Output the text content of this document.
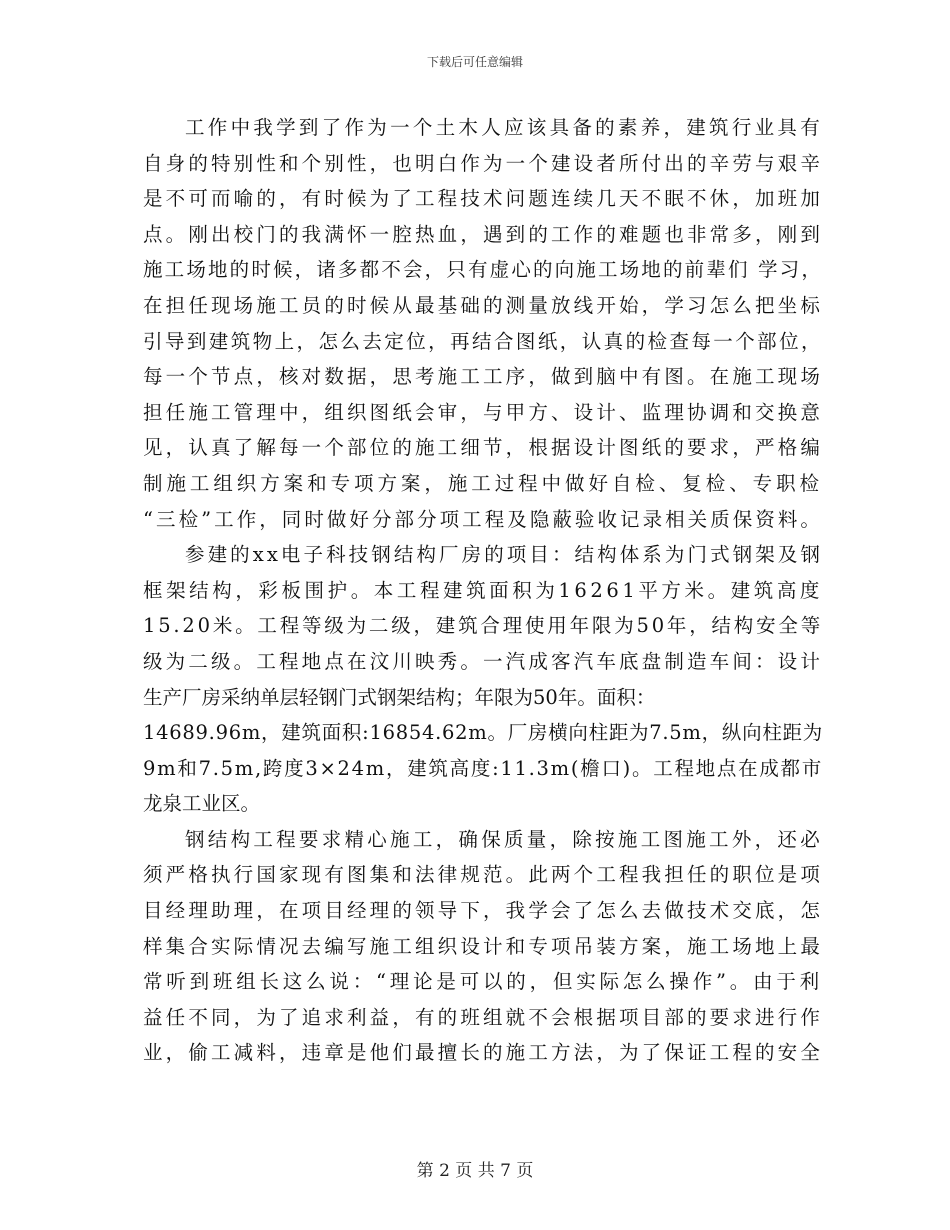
下载后可任意编辑
工作中我学到了作为一个土木人应该具备的素养，建筑行业具有
自身的特别性和个别性，也明白作为一个建设者所付出的辛劳与艰辛
是不可而喻的，有时候为了工程技术问题连续几天不眠不休，加班加
点。刚出校门的我满怀一腔热血，遇到的工作的难题也非常多，刚到
施工场地的时候，诸多都不会，只有虚心的向施工场地的前辈们 学习，
在担任现场施工员的时候从最基础的测量放线开始，学习怎么把坐标
引导到建筑物上，怎么去定位，再结合图纸，认真的检查每一个部位，
每一个节点，核对数据，思考施工工序，做到脑中有图。在施工现场
担任施工管理中，组织图纸会审，与甲方、设计、监理协调和交换意
见，认真了解每一个部位的施工细节，根据设计图纸的要求，严格编
制施工组织方案和专项方案，施工过程中做好自检、复检、专职检
“三检”工作，同时做好分部分项工程及隐蔽验收记录相关质保资料。
参建的xx电子科技钢结构厂房的项目：结构体系为门式钢架及钢
框架结构，彩板围护。本工程建筑面积为16261平方米。建筑高度
15.20米。工程等级为二级，建筑合理使用年限为50年，结构安全等
级为二级。工程地点在汶川映秀。一汽成客汽车底盘制造车间：设计
生产厂房采纳单层轻钢门式钢架结构；年限为50年。面积：
14689.96m，建筑面积:16854.62m。厂房横向柱距为7.5m，纵向柱距为
9m和7.5m,跨度3×24m，建筑高度:11.3m(檐口)。工程地点在成都市
龙泉工业区。
钢结构工程要求精心施工，确保质量，除按施工图施工外，还必
须严格执行国家现有图集和法律规范。此两个工程我担任的职位是项
目经理助理，在项目经理的领导下，我学会了怎么去做技术交底，怎
样集合实际情况去编写施工组织设计和专项吊装方案，施工场地上最
常听到班组长这么说：“理论是可以的，但实际怎么操作”。由于利
益任不同，为了追求利益，有的班组就不会根据项目部的要求进行作
业，偷工减料，违章是他们最擅长的施工方法，为了保证工程的安全
第 2 页 共 7 页
